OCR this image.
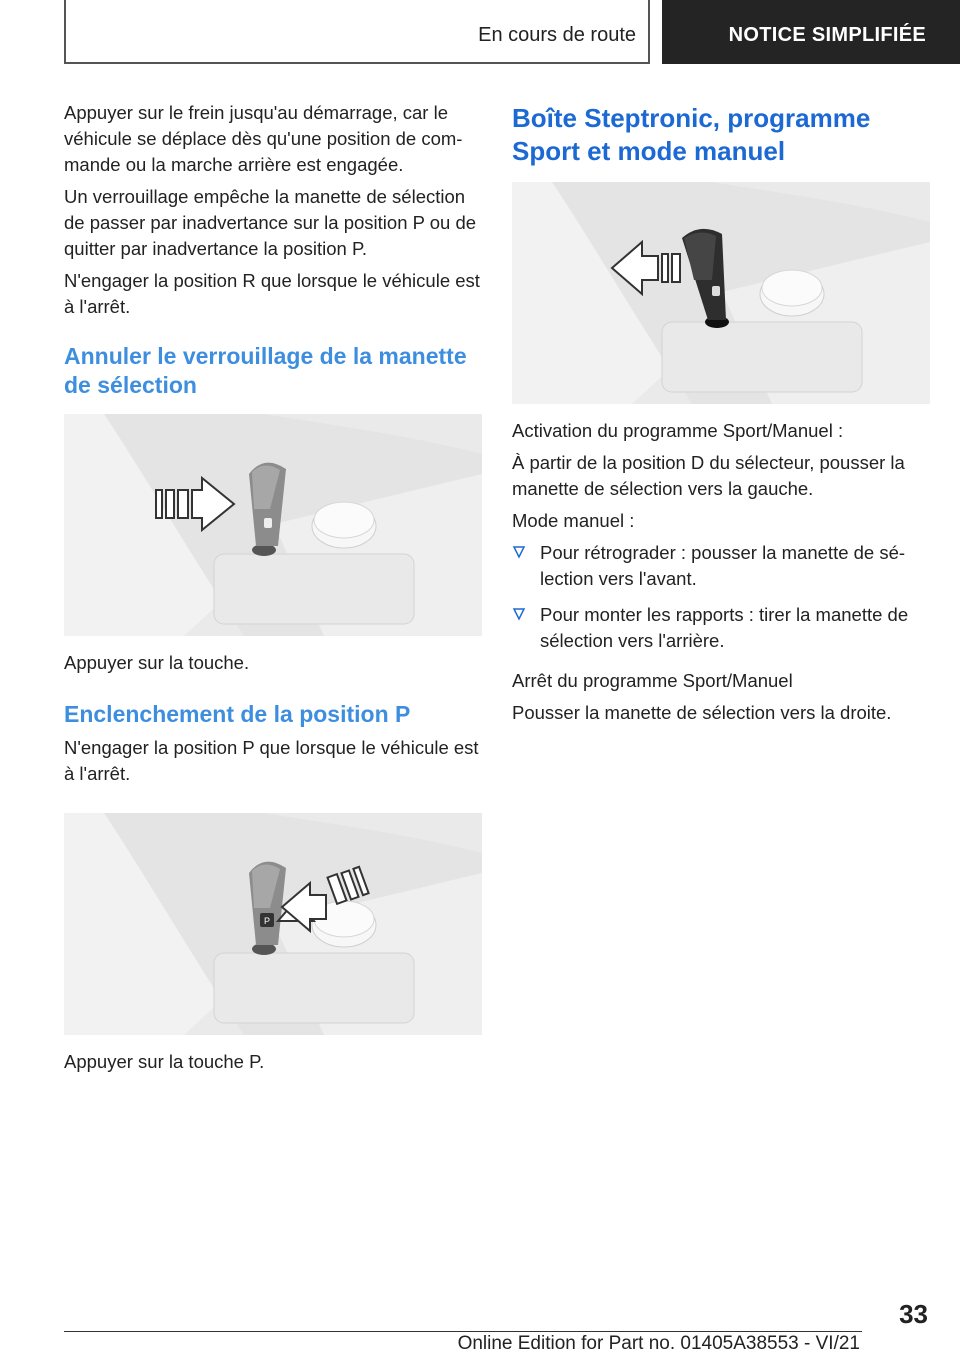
En cours de route	NOTICE SIMPLIFIÉE

Appuyer sur le frein jusqu'au démarrage, car le véhicule se déplace dès qu'une position de com-mande ou la marche arrière est engagée.

Un verrouillage empêche la manette de sélection de passer par inadvertance sur la position P ou de quitter par inadvertance la position P.

N'engager la position R que lorsque le véhicule est à l'arrêt.

Annuler le verrouillage de la manette de sélection

Appuyer sur la touche.

Enclenchement de la position P

N'engager la position P que lorsque le véhicule est à l'arrêt.

P

Appuyer sur la touche P.

Boîte Steptronic, programme Sport et mode manuel

Activation du programme Sport/Manuel :

À partir de la position D du sélecteur, pousser la manette de sélection vers la gauche.

Mode manuel :

Pour rétrograder : pousser la manette de sé-lection vers l'avant.
Pour monter les rapports : tirer la manette de sélection vers l'arrière.

Arrêt du programme Sport/Manuel

Pousser la manette de sélection vers la droite.

33
Online Edition for Part no. 01405A38553 - VI/21
